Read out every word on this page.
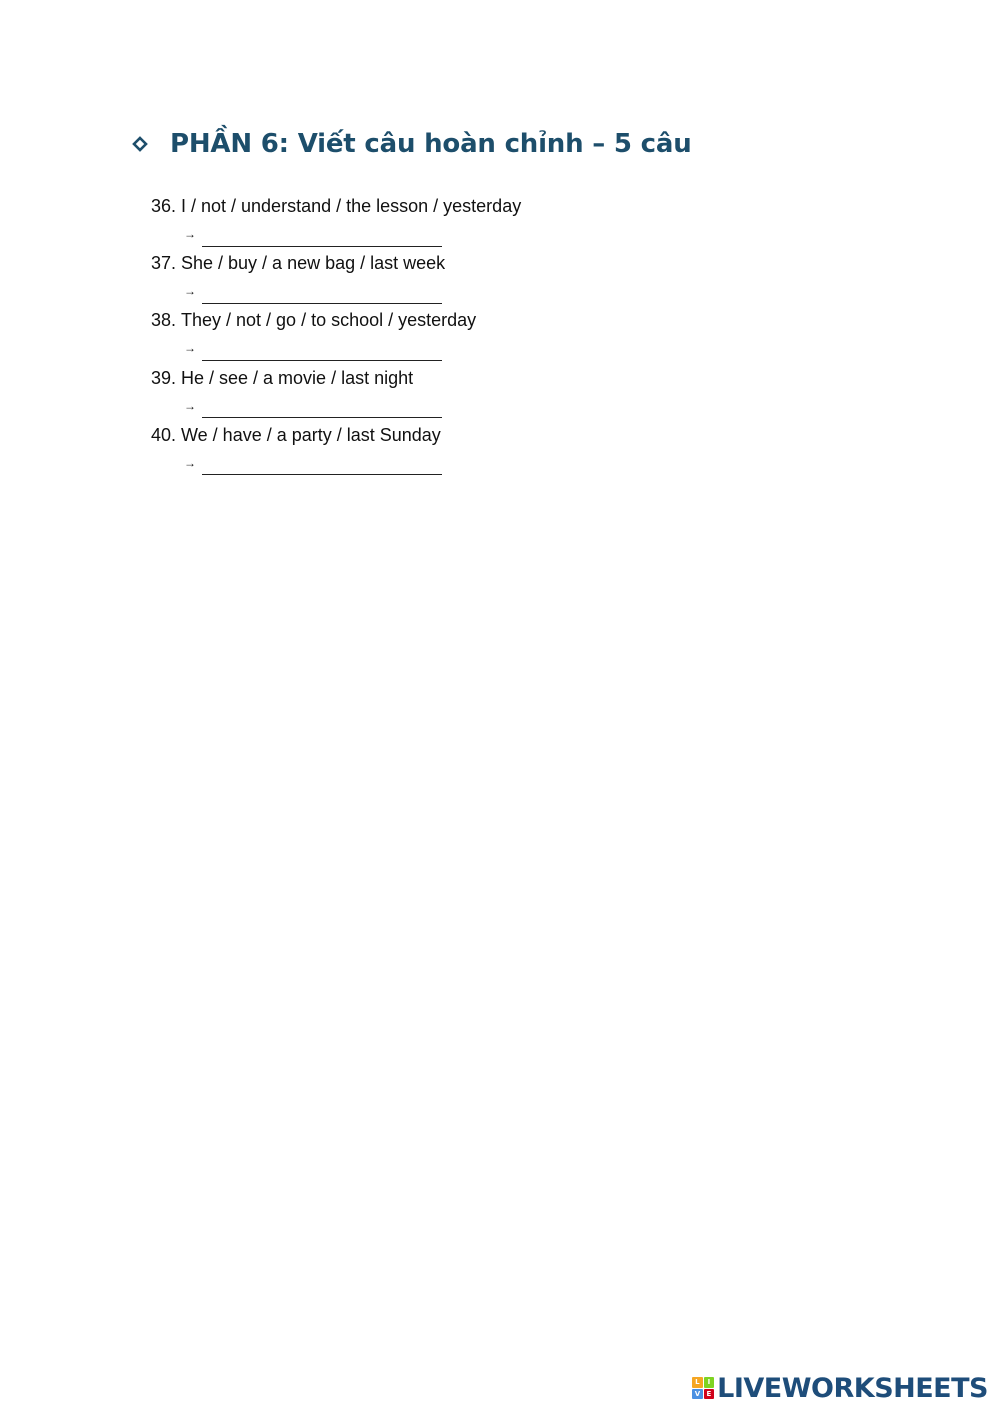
PHẦN 6: Viết câu hoàn chỉnh – 5 câu
36. I / not / understand / the lesson / yesterday
→
37. She / buy / a new bag / last week
→
38. They / not / go / to school / yesterday
→
39. He / see / a movie / last night
→
40. We / have / a party / last Sunday
→
L	I
V E LIVEWORKSHEETS
